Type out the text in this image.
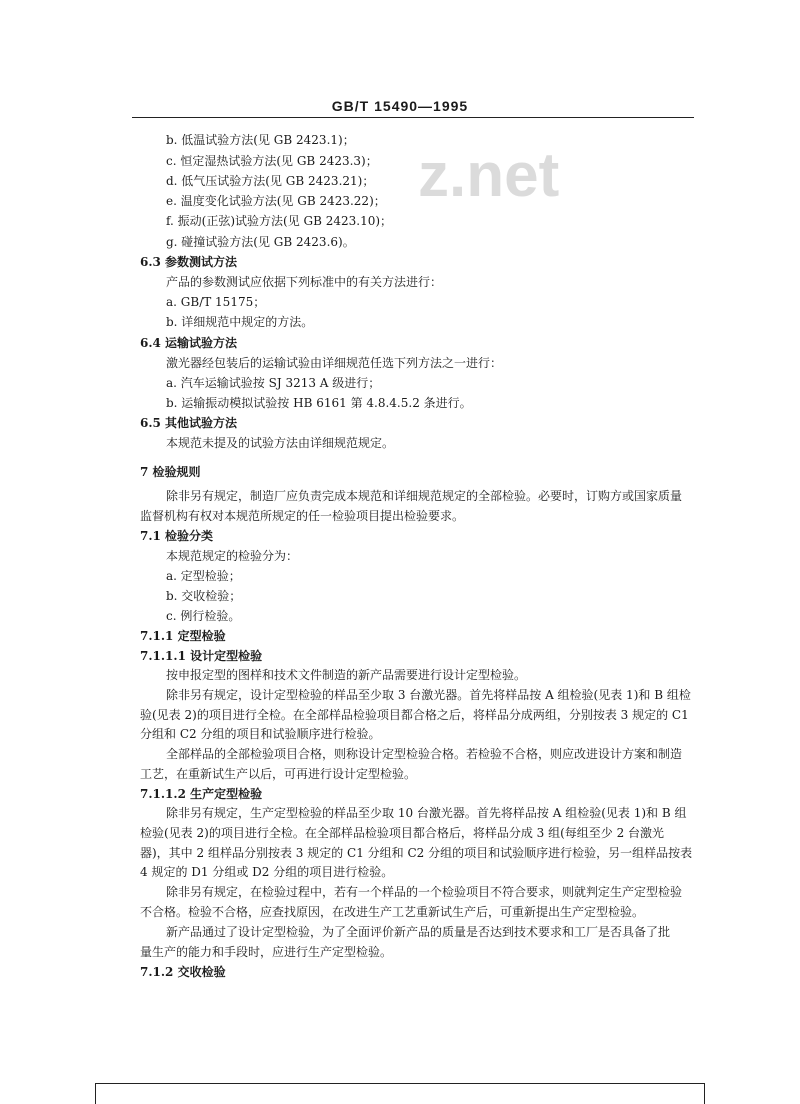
GB/T 15490—1995
z.net
b. 低温试验方法(见 GB 2423.1)；
c. 恒定湿热试验方法(见 GB 2423.3)；
d. 低气压试验方法(见 GB 2423.21)；
e. 温度变化试验方法(见 GB 2423.22)；
f. 振动(正弦)试验方法(见 GB 2423.10)；
g. 碰撞试验方法(见 GB 2423.6)。
6.3 参数测试方法
产品的参数测试应依据下列标准中的有关方法进行：
a. GB/T 15175；
b. 详细规范中规定的方法。
6.4 运输试验方法
激光器经包装后的运输试验由详细规范任选下列方法之一进行：
a. 汽车运输试验按 SJ 3213 A 级进行；
b. 运输振动模拟试验按 HB 6161 第 4.8.4.5.2 条进行。
6.5 其他试验方法
本规范未提及的试验方法由详细规范规定。
7 检验规则
除非另有规定，制造厂应负责完成本规范和详细规范规定的全部检验。必要时，订购方或国家质量
监督机构有权对本规范所规定的任一检验项目提出检验要求。
7.1 检验分类
本规范规定的检验分为：
a. 定型检验；
b. 交收检验；
c. 例行检验。
7.1.1 定型检验
7.1.1.1 设计定型检验
按申报定型的图样和技术文件制造的新产品需要进行设计定型检验。
除非另有规定，设计定型检验的样品至少取 3 台激光器。首先将样品按 A 组检验(见表 1)和 B 组检
验(见表 2)的项目进行全检。在全部样品检验项目都合格之后，将样品分成两组，分别按表 3 规定的 C1
分组和 C2 分组的项目和试验顺序进行检验。
全部样品的全部检验项目合格，则称设计定型检验合格。若检验不合格，则应改进设计方案和制造
工艺，在重新试生产以后，可再进行设计定型检验。
7.1.1.2 生产定型检验
除非另有规定，生产定型检验的样品至少取 10 台激光器。首先将样品按 A 组检验(见表 1)和 B 组
检验(见表 2)的项目进行全检。在全部样品检验项目都合格后，将样品分成 3 组(每组至少 2 台激光
器)，其中 2 组样品分别按表 3 规定的 C1 分组和 C2 分组的项目和试验顺序进行检验，另一组样品按表
4 规定的 D1 分组或 D2 分组的项目进行检验。
除非另有规定，在检验过程中，若有一个样品的一个检验项目不符合要求，则就判定生产定型检验
不合格。检验不合格，应查找原因，在改进生产工艺重新试生产后，可重新提出生产定型检验。
新产品通过了设计定型检验，为了全面评价新产品的质量是否达到技术要求和工厂是否具备了批
量生产的能力和手段时，应进行生产定型检验。
7.1.2 交收检验
